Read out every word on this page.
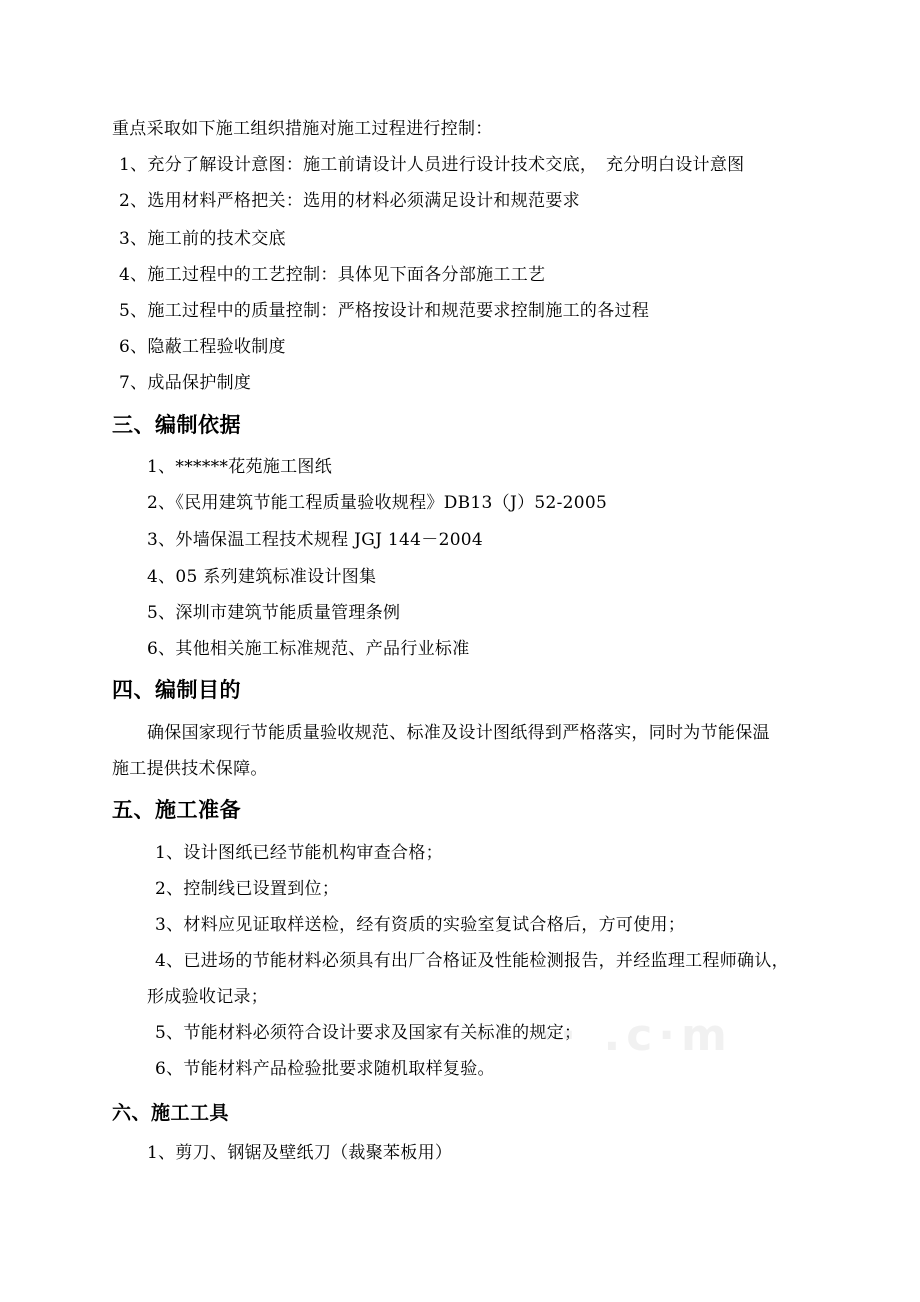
重点采取如下施工组织措施对施工过程进行控制：
1、充分了解设计意图：施工前请设计人员进行设计技术交底，　充分明白设计意图
2、选用材料严格把关：选用的材料必须满足设计和规范要求
3、施工前的技术交底
4、施工过程中的工艺控制：具体见下面各分部施工工艺
5、施工过程中的质量控制：严格按设计和规范要求控制施工的各过程
6、隐蔽工程验收制度
7、成品保护制度
三、编制依据
1、******花苑施工图纸
2、《民用建筑节能工程质量验收规程》DB13（J）52-2005
3、外墙保温工程技术规程 JGJ 144－2004
4、05 系列建筑标准设计图集
5、深圳市建筑节能质量管理条例
6、其他相关施工标准规范、产品行业标准
四、编制目的
确保国家现行节能质量验收规范、标准及设计图纸得到严格落实，同时为节能保温
施工提供技术保障。
五、施工准备
1、设计图纸已经节能机构审查合格；
2、控制线已设置到位；
3、材料应见证取样送检，经有资质的实验室复试合格后，方可使用；
4、已进场的节能材料必须具有出厂合格证及性能检测报告，并经监理工程师确认，
形成验收记录；
5、节能材料必须符合设计要求及国家有关标准的规定；
6、节能材料产品检验批要求随机取样复验。
六、施工工具
1、剪刀、钢锯及壁纸刀（裁聚苯板用）
·· ·· .c·m
